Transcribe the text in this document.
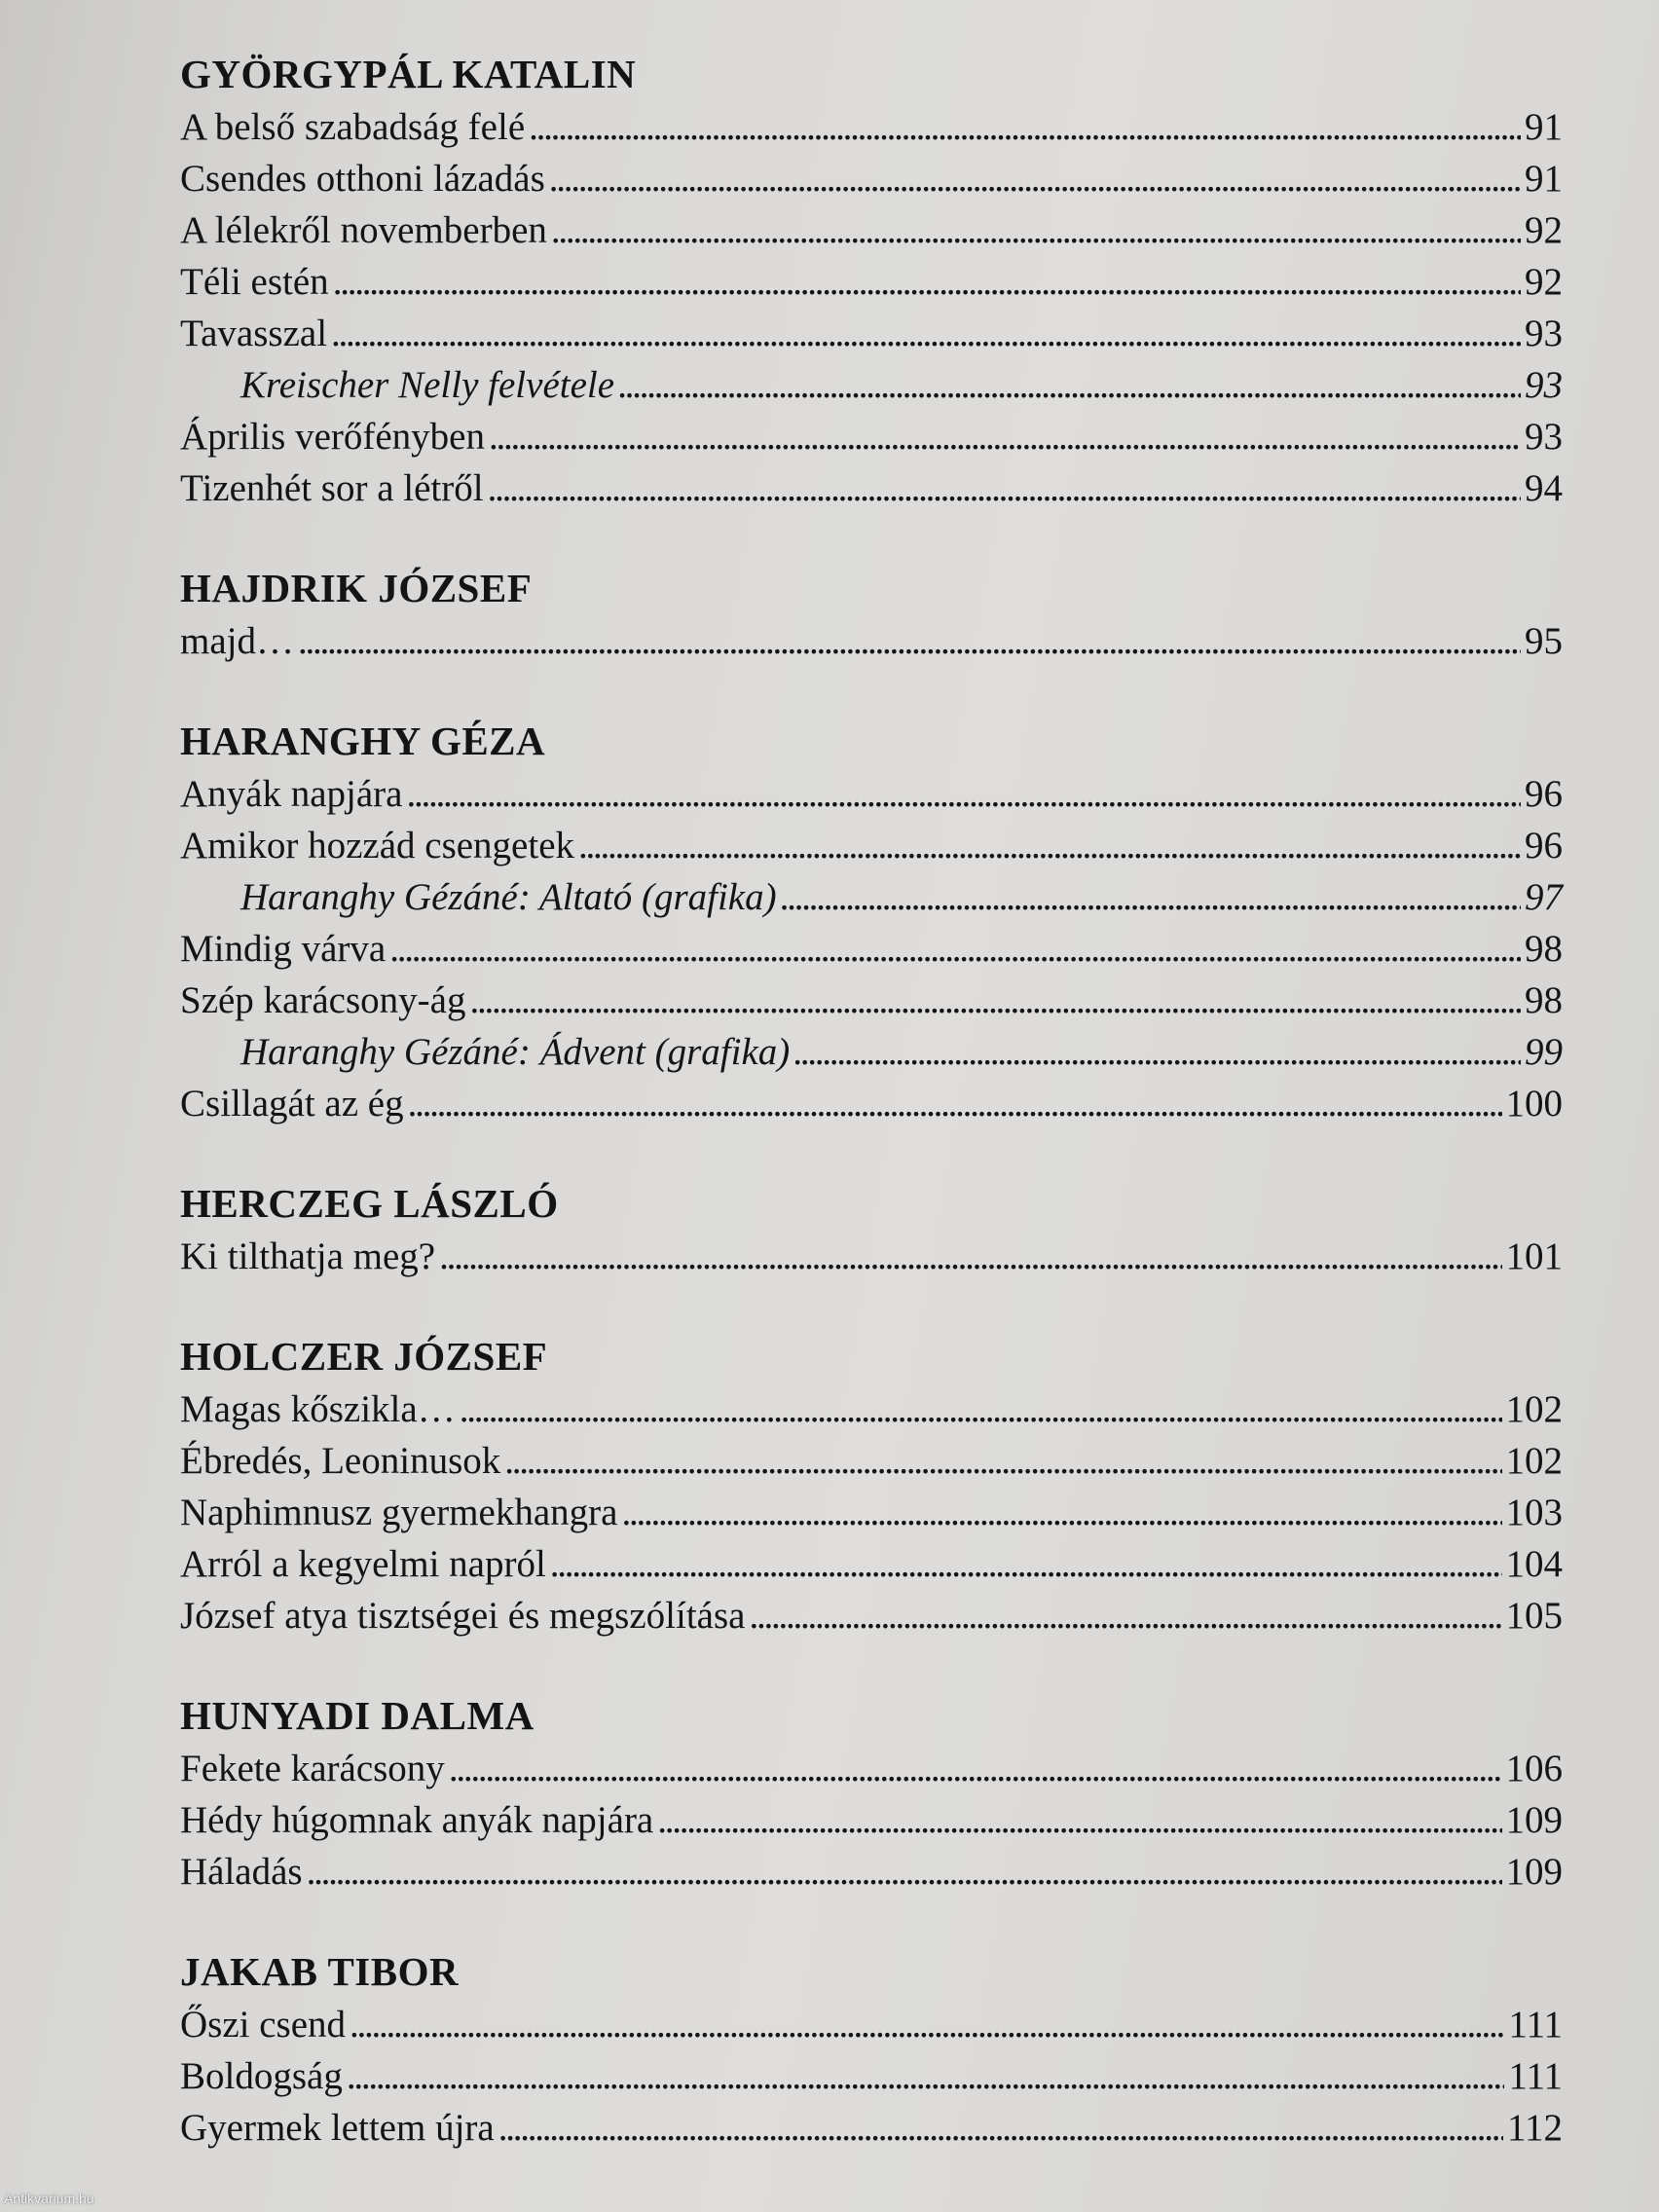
GYÖRGYPÁL KATALIN
A belső szabadság felé . . .	91
Csendes otthoni lázadás . . .	91
A lélekről novemberben . . .	92
Téli estén . . .	92
Tavasszal . . .	93
Kreischer Nelly felvétele . . .	93
Április verőfényben . . .	93
Tizenhét sor a létről . . .	94
HAJDRIK JÓZSEF
majd… . . .	95
HARANGHY GÉZA
Anyák napjára . . .	96
Amikor hozzád csengetek . . .	96
Haranghy Gézáné: Altató (grafika) . . .	97
Mindig várva . . .	98
Szép karácsony-ág . . .	98
Haranghy Gézáné: Ádvent (grafika) . . .	99
Csillagát az ég . . .	100
HERCZEG LÁSZLÓ
Ki tilthatja meg? . . .	101
HOLCZER JÓZSEF
Magas kőszikla… . . .	102
Ébredés, Leoninusok . . .	102
Naphimnusz gyermekhangra . . .	103
Arról a kegyelmi napról . . .	104
József atya tisztségei és megszólítása . . .	105
HUNYADI DALMA
Fekete karácsony . . .	106
Hédy húgomnak anyák napjára . . .	109
Háladás . . .	109
JAKAB TIBOR
Őszi csend . . .	111
Boldogság . . .	111
Gyermek lettem újra . . .	112
Antikvarium.hu
